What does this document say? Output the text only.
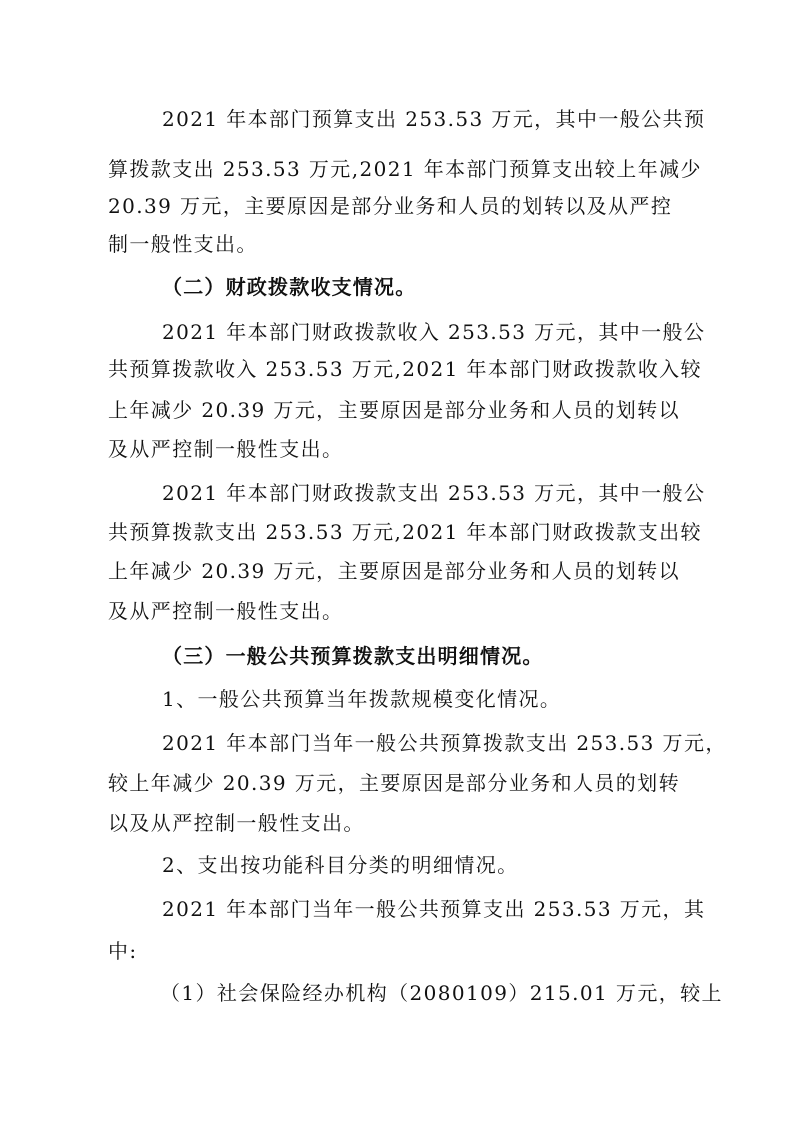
2021 年本部门预算支出 253.53 万元，其中一般公共预

算拨款支出 253.53 万元,2021 年本部门预算支出较上年减少

20.39 万元，主要原因是部分业务和人员的划转以及从严控

制一般性支出。

（二）财政拨款收支情况。

2021 年本部门财政拨款收入 253.53 万元，其中一般公

共预算拨款收入 253.53 万元,2021 年本部门财政拨款收入较

上年减少 20.39 万元，主要原因是部分业务和人员的划转以

及从严控制一般性支出。

2021 年本部门财政拨款支出 253.53 万元，其中一般公

共预算拨款支出 253.53 万元,2021 年本部门财政拨款支出较

上年减少 20.39 万元，主要原因是部分业务和人员的划转以

及从严控制一般性支出。

（三）一般公共预算拨款支出明细情况。

1、一般公共预算当年拨款规模变化情况。

2021 年本部门当年一般公共预算拨款支出 253.53 万元，

较上年减少 20.39 万元，主要原因是部分业务和人员的划转

以及从严控制一般性支出。

2、支出按功能科目分类的明细情况。

2021 年本部门当年一般公共预算支出 253.53 万元，其

中:

（1）社会保险经办机构（2080109）215.01 万元，较上
